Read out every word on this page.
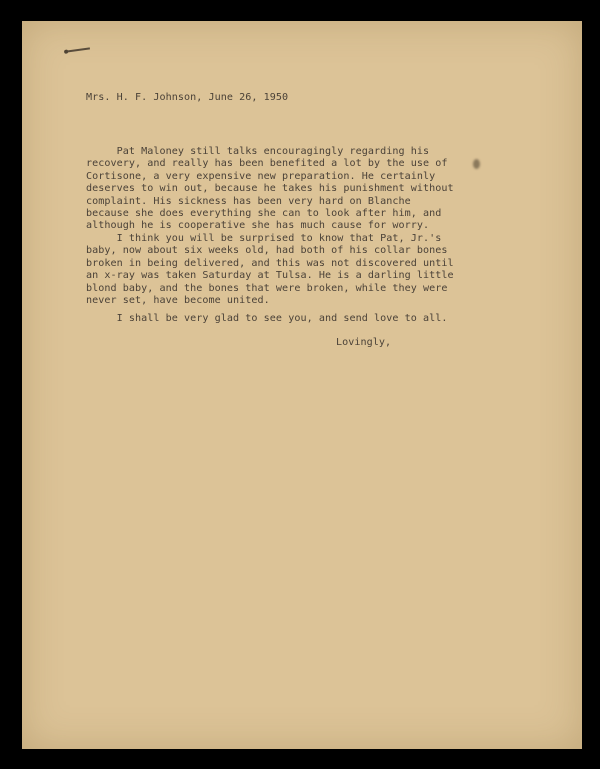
Mrs. H. F. Johnson, June 26, 1950
Pat Maloney still talks encouragingly regarding his
recovery, and really has been benefited a lot by the use of
Cortisone, a very expensive new preparation. He certainly
deserves to win out, because he takes his punishment without
complaint. His sickness has been very hard on Blanche
because she does everything she can to look after him, and
although he is cooperative she has much cause for worry.
I think you will be surprised to know that Pat, Jr.'s
baby, now about six weeks old, had both of his collar bones
broken in being delivered, and this was not discovered until
an x-ray was taken Saturday at Tulsa. He is a darling little
blond baby, and the bones that were broken, while they were
never set, have become united.
I shall be very glad to see you, and send love to all.
Lovingly,
